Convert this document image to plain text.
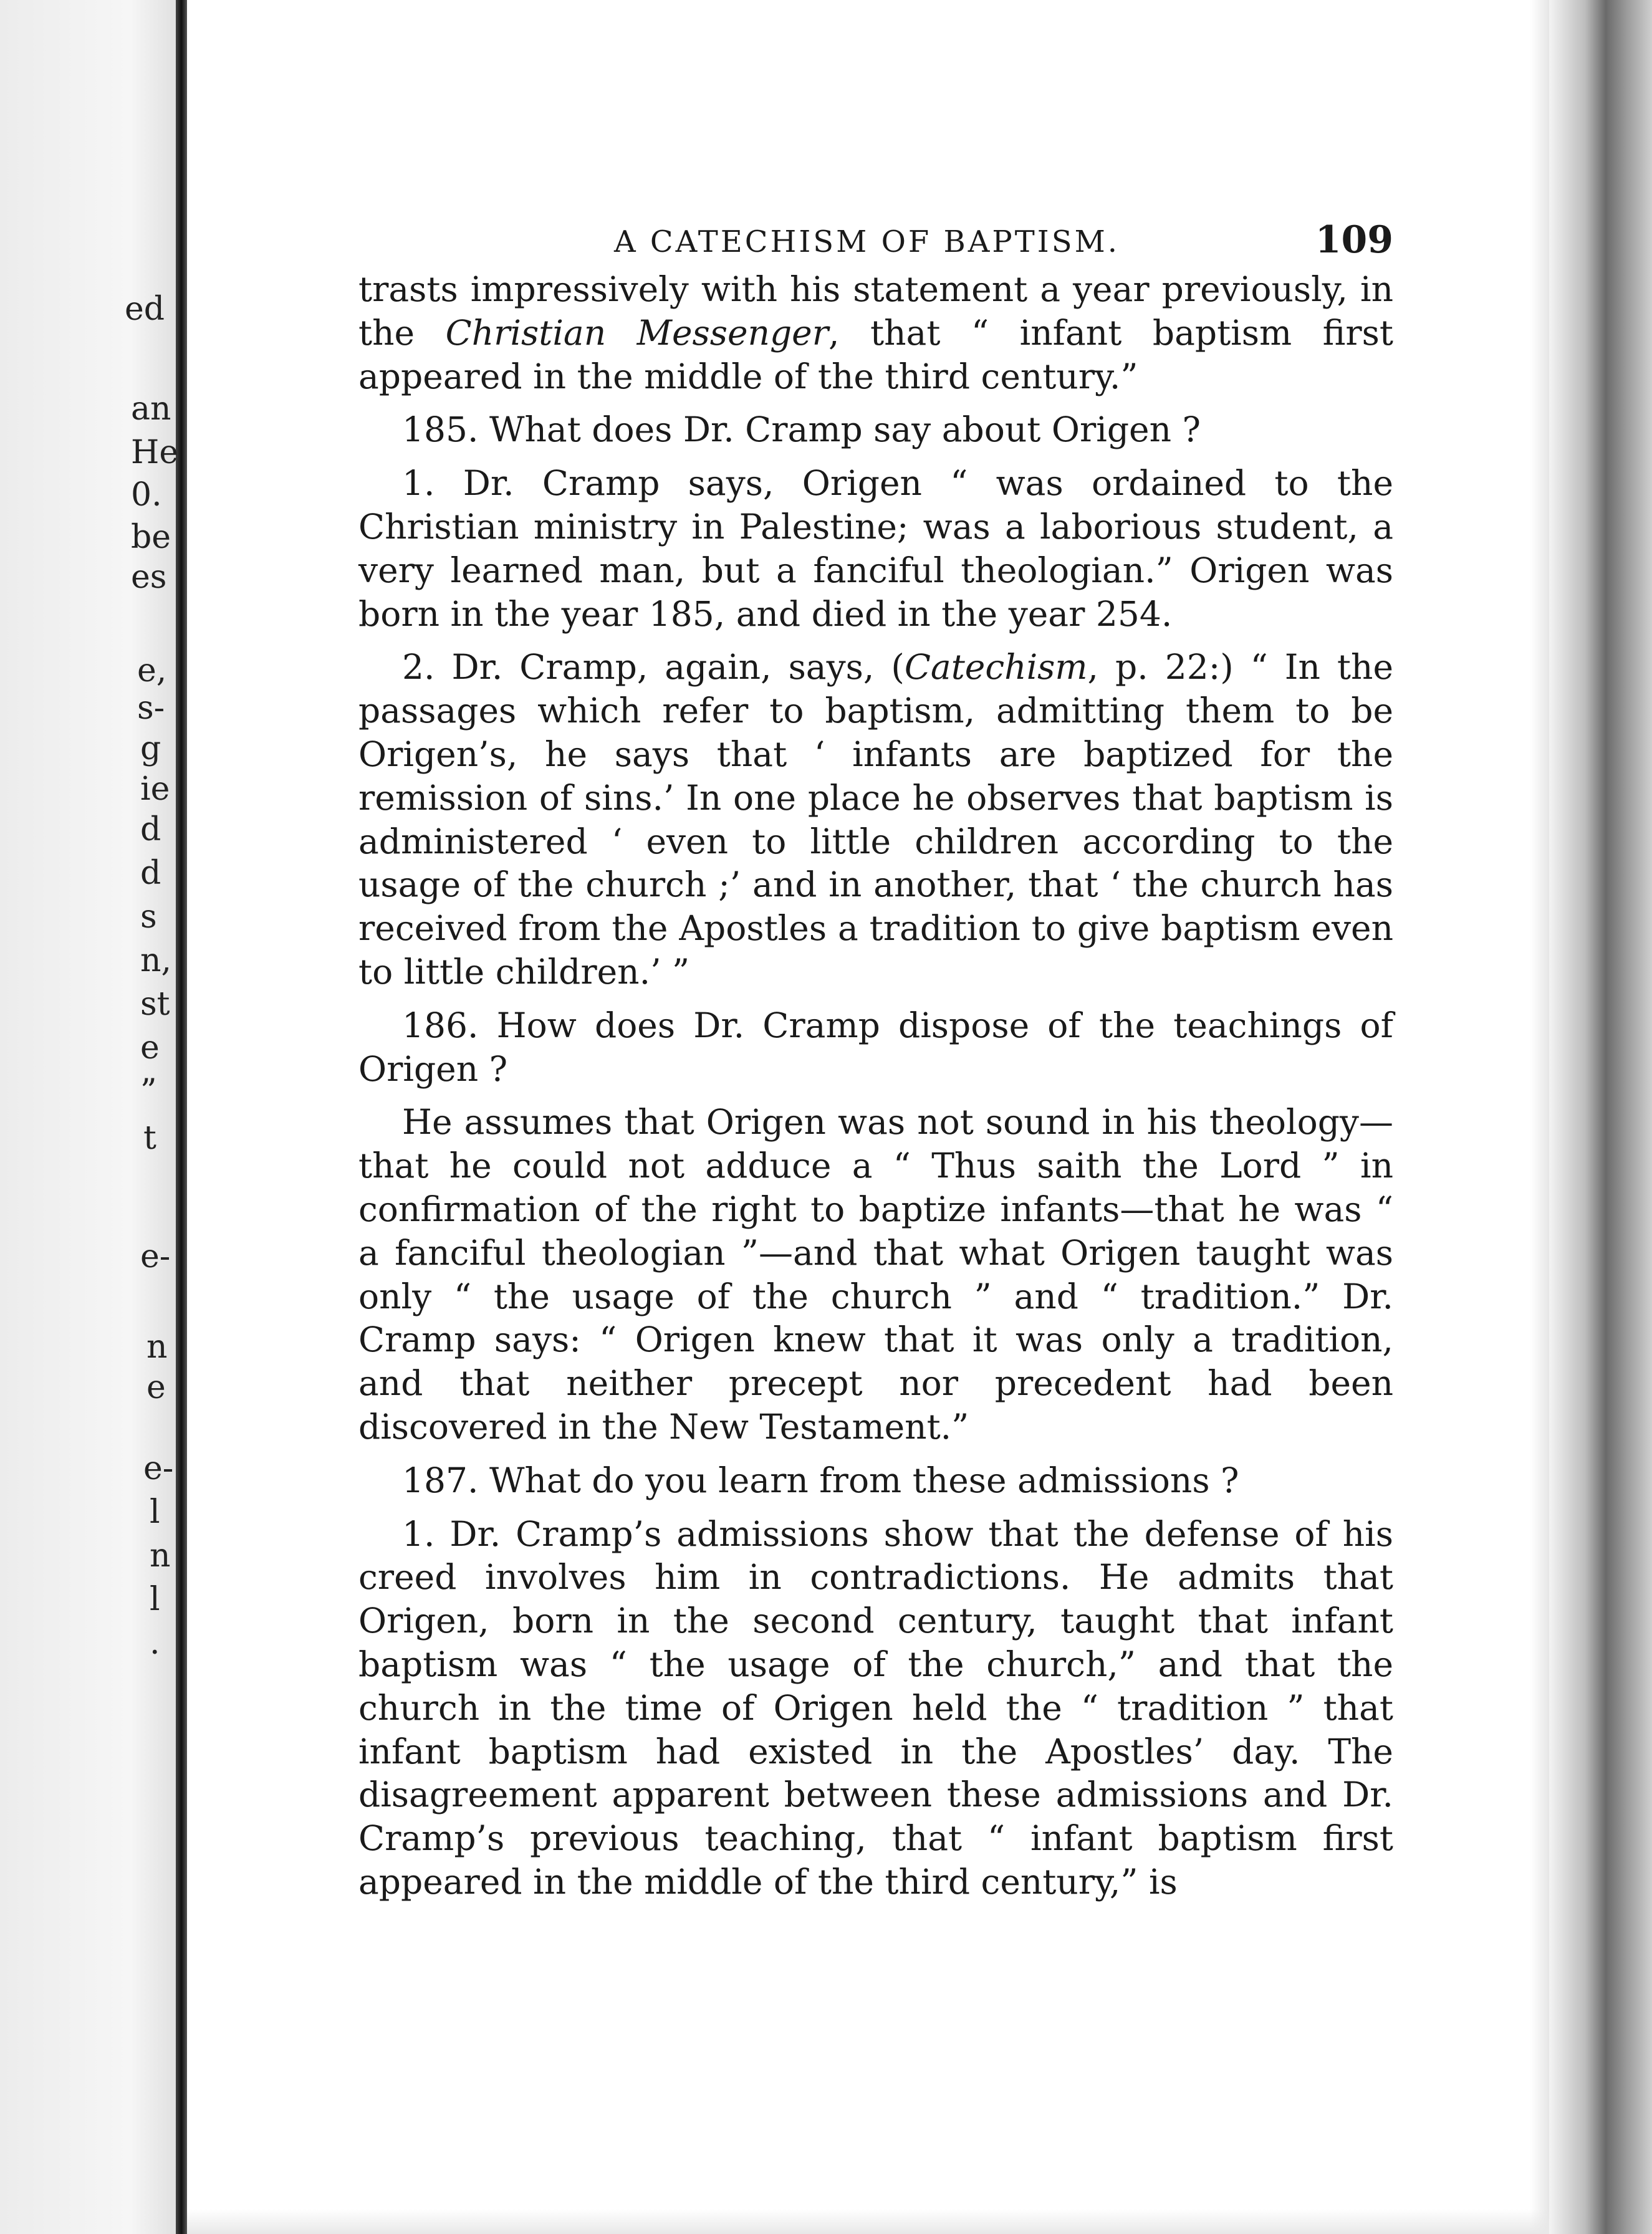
ed
an
He
0.
be
es
e,
s-
g
ie
d
d
s
n,
st
e
”
t
e-
n
e
e-
l
n
l
.
A CATECHISM OF BAPTISM.	109

trasts impressively with his statement a year previously, in the Christian Messenger, that “ infant baptism first appeared in the middle of the third century.”

185. What does Dr. Cramp say about Origen ?

1. Dr. Cramp says, Origen “ was ordained to the Christian ministry in Palestine; was a laborious student, a very learned man, but a fanciful theologian.” Origen was born in the year 185, and died in the year 254.

2. Dr. Cramp, again, says, (Catechism, p. 22:) “ In the passages which refer to baptism, admitting them to be Origen’s, he says that ‘ infants are baptized for the remission of sins.’ In one place he observes that baptism is administered ‘ even to little children according to the usage of the church ;’ and in another, that ‘ the church has received from the Apostles a tradition to give baptism even to little children.’ ”

186. How does Dr. Cramp dispose of the teachings of Origen ?

He assumes that Origen was not sound in his theology—that he could not adduce a “ Thus saith the Lord ” in confirmation of the right to baptize infants—that he was “ a fanciful theologian ”—and that what Origen taught was only “ the usage of the church ” and “ tradition.” Dr. Cramp says: “ Origen knew that it was only a tradition, and that neither precept nor precedent had been discovered in the New Testament.”

187. What do you learn from these admissions ?

1. Dr. Cramp’s admissions show that the defense of his creed involves him in contradictions. He admits that Origen, born in the second century, taught that infant baptism was “ the usage of the church,” and that the church in the time of Origen held the “ tradition ” that infant baptism had existed in the Apostles’ day. The disagreement apparent between these admissions and Dr. Cramp’s previous teaching, that “ infant baptism first appeared in the middle of the third century,” is
